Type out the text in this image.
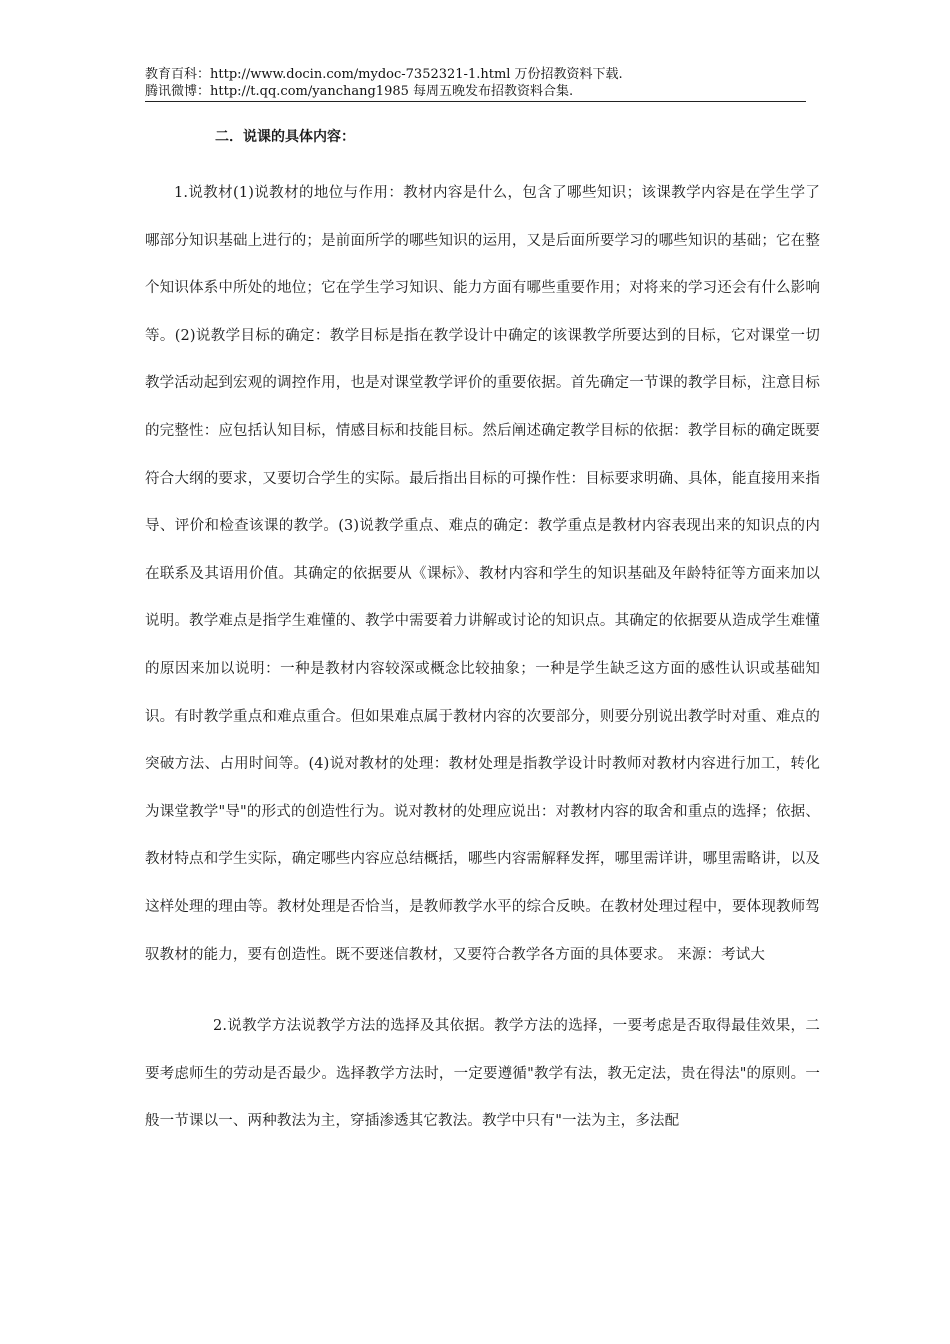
教育百科：http://www.docin.com/mydoc-7352321-1.html 万份招教资料下载.
腾讯微博：http://t.qq.com/yanchang1985 每周五晚发布招教资料合集.

二．说课的具体内容：

1.说教材(1)说教材的地位与作用：教材内容是什么，包含了哪些知识；该课教学内容是在学生学了哪部分知识基础上进行的；是前面所学的哪些知识的运用，又是后面所要学习的哪些知识的基础；它在整个知识体系中所处的地位；它在学生学习知识、能力方面有哪些重要作用；对将来的学习还会有什么影响等。(2)说教学目标的确定：教学目标是指在教学设计中确定的该课教学所要达到的目标，它对课堂一切教学活动起到宏观的调控作用，也是对课堂教学评价的重要依据。首先确定一节课的教学目标，注意目标的完整性：应包括认知目标，情感目标和技能目标。然后阐述确定教学目标的依据：教学目标的确定既要符合大纲的要求，又要切合学生的实际。最后指出目标的可操作性：目标要求明确、具体，能直接用来指导、评价和检查该课的教学。(3)说教学重点、难点的确定：教学重点是教材内容表现出来的知识点的内在联系及其语用价值。其确定的依据要从《课标》、教材内容和学生的知识基础及年龄特征等方面来加以说明。教学难点是指学生难懂的、教学中需要着力讲解或讨论的知识点。其确定的依据要从造成学生难懂的原因来加以说明：一种是教材内容较深或概念比较抽象；一种是学生缺乏这方面的感性认识或基础知识。有时教学重点和难点重合。但如果难点属于教材内容的次要部分，则要分别说出教学时对重、难点的突破方法、占用时间等。(4)说对教材的处理：教材处理是指教学设计时教师对教材内容进行加工，转化为课堂教学"导"的形式的创造性行为。说对教材的处理应说出：对教材内容的取舍和重点的选择；依据、教材特点和学生实际，确定哪些内容应总结概括，哪些内容需解释发挥，哪里需详讲，哪里需略讲，以及这样处理的理由等。教材处理是否恰当，是教师教学水平的综合反映。在教材处理过程中，要体现教师驾驭教材的能力，要有创造性。既不要迷信教材，又要符合教学各方面的具体要求。 来源：考试大

2.说教学方法说教学方法的选择及其依据。教学方法的选择，一要考虑是否取得最佳效果，二要考虑师生的劳动是否最少。选择教学方法时，一定要遵循"教学有法，教无定法，贵在得法"的原则。一般一节课以一、两种教法为主，穿插渗透其它教法。教学中只有"一法为主，多法配
